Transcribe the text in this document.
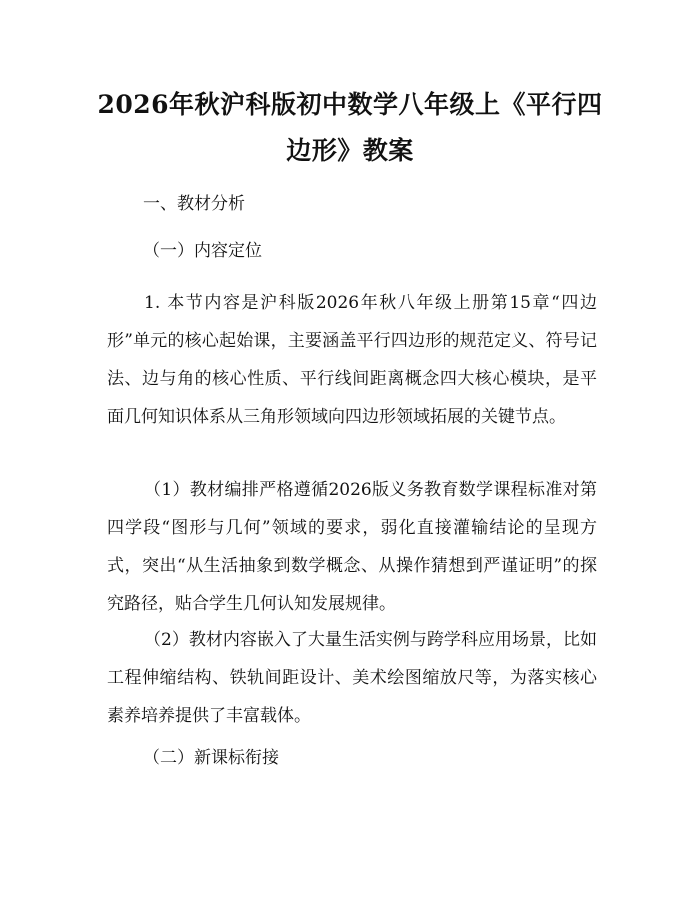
2026年秋沪科版初中数学八年级上《平行四边形》教案

一、教材分析

（一）内容定位

1. 本节内容是沪科版2026年秋八年级上册第15章“四边形”单元的核心起始课，主要涵盖平行四边形的规范定义、符号记法、边与角的核心性质、平行线间距离概念四大核心模块，是平面几何知识体系从三角形领域向四边形领域拓展的关键节点。

（1）教材编排严格遵循2026版义务教育数学课程标准对第四学段“图形与几何”领域的要求，弱化直接灌输结论的呈现方式，突出“从生活抽象到数学概念、从操作猜想到严谨证明”的探究路径，贴合学生几何认知发展规律。

（2）教材内容嵌入了大量生活实例与跨学科应用场景，比如工程伸缩结构、铁轨间距设计、美术绘图缩放尺等，为落实核心素养培养提供了丰富载体。

（二）新课标衔接
